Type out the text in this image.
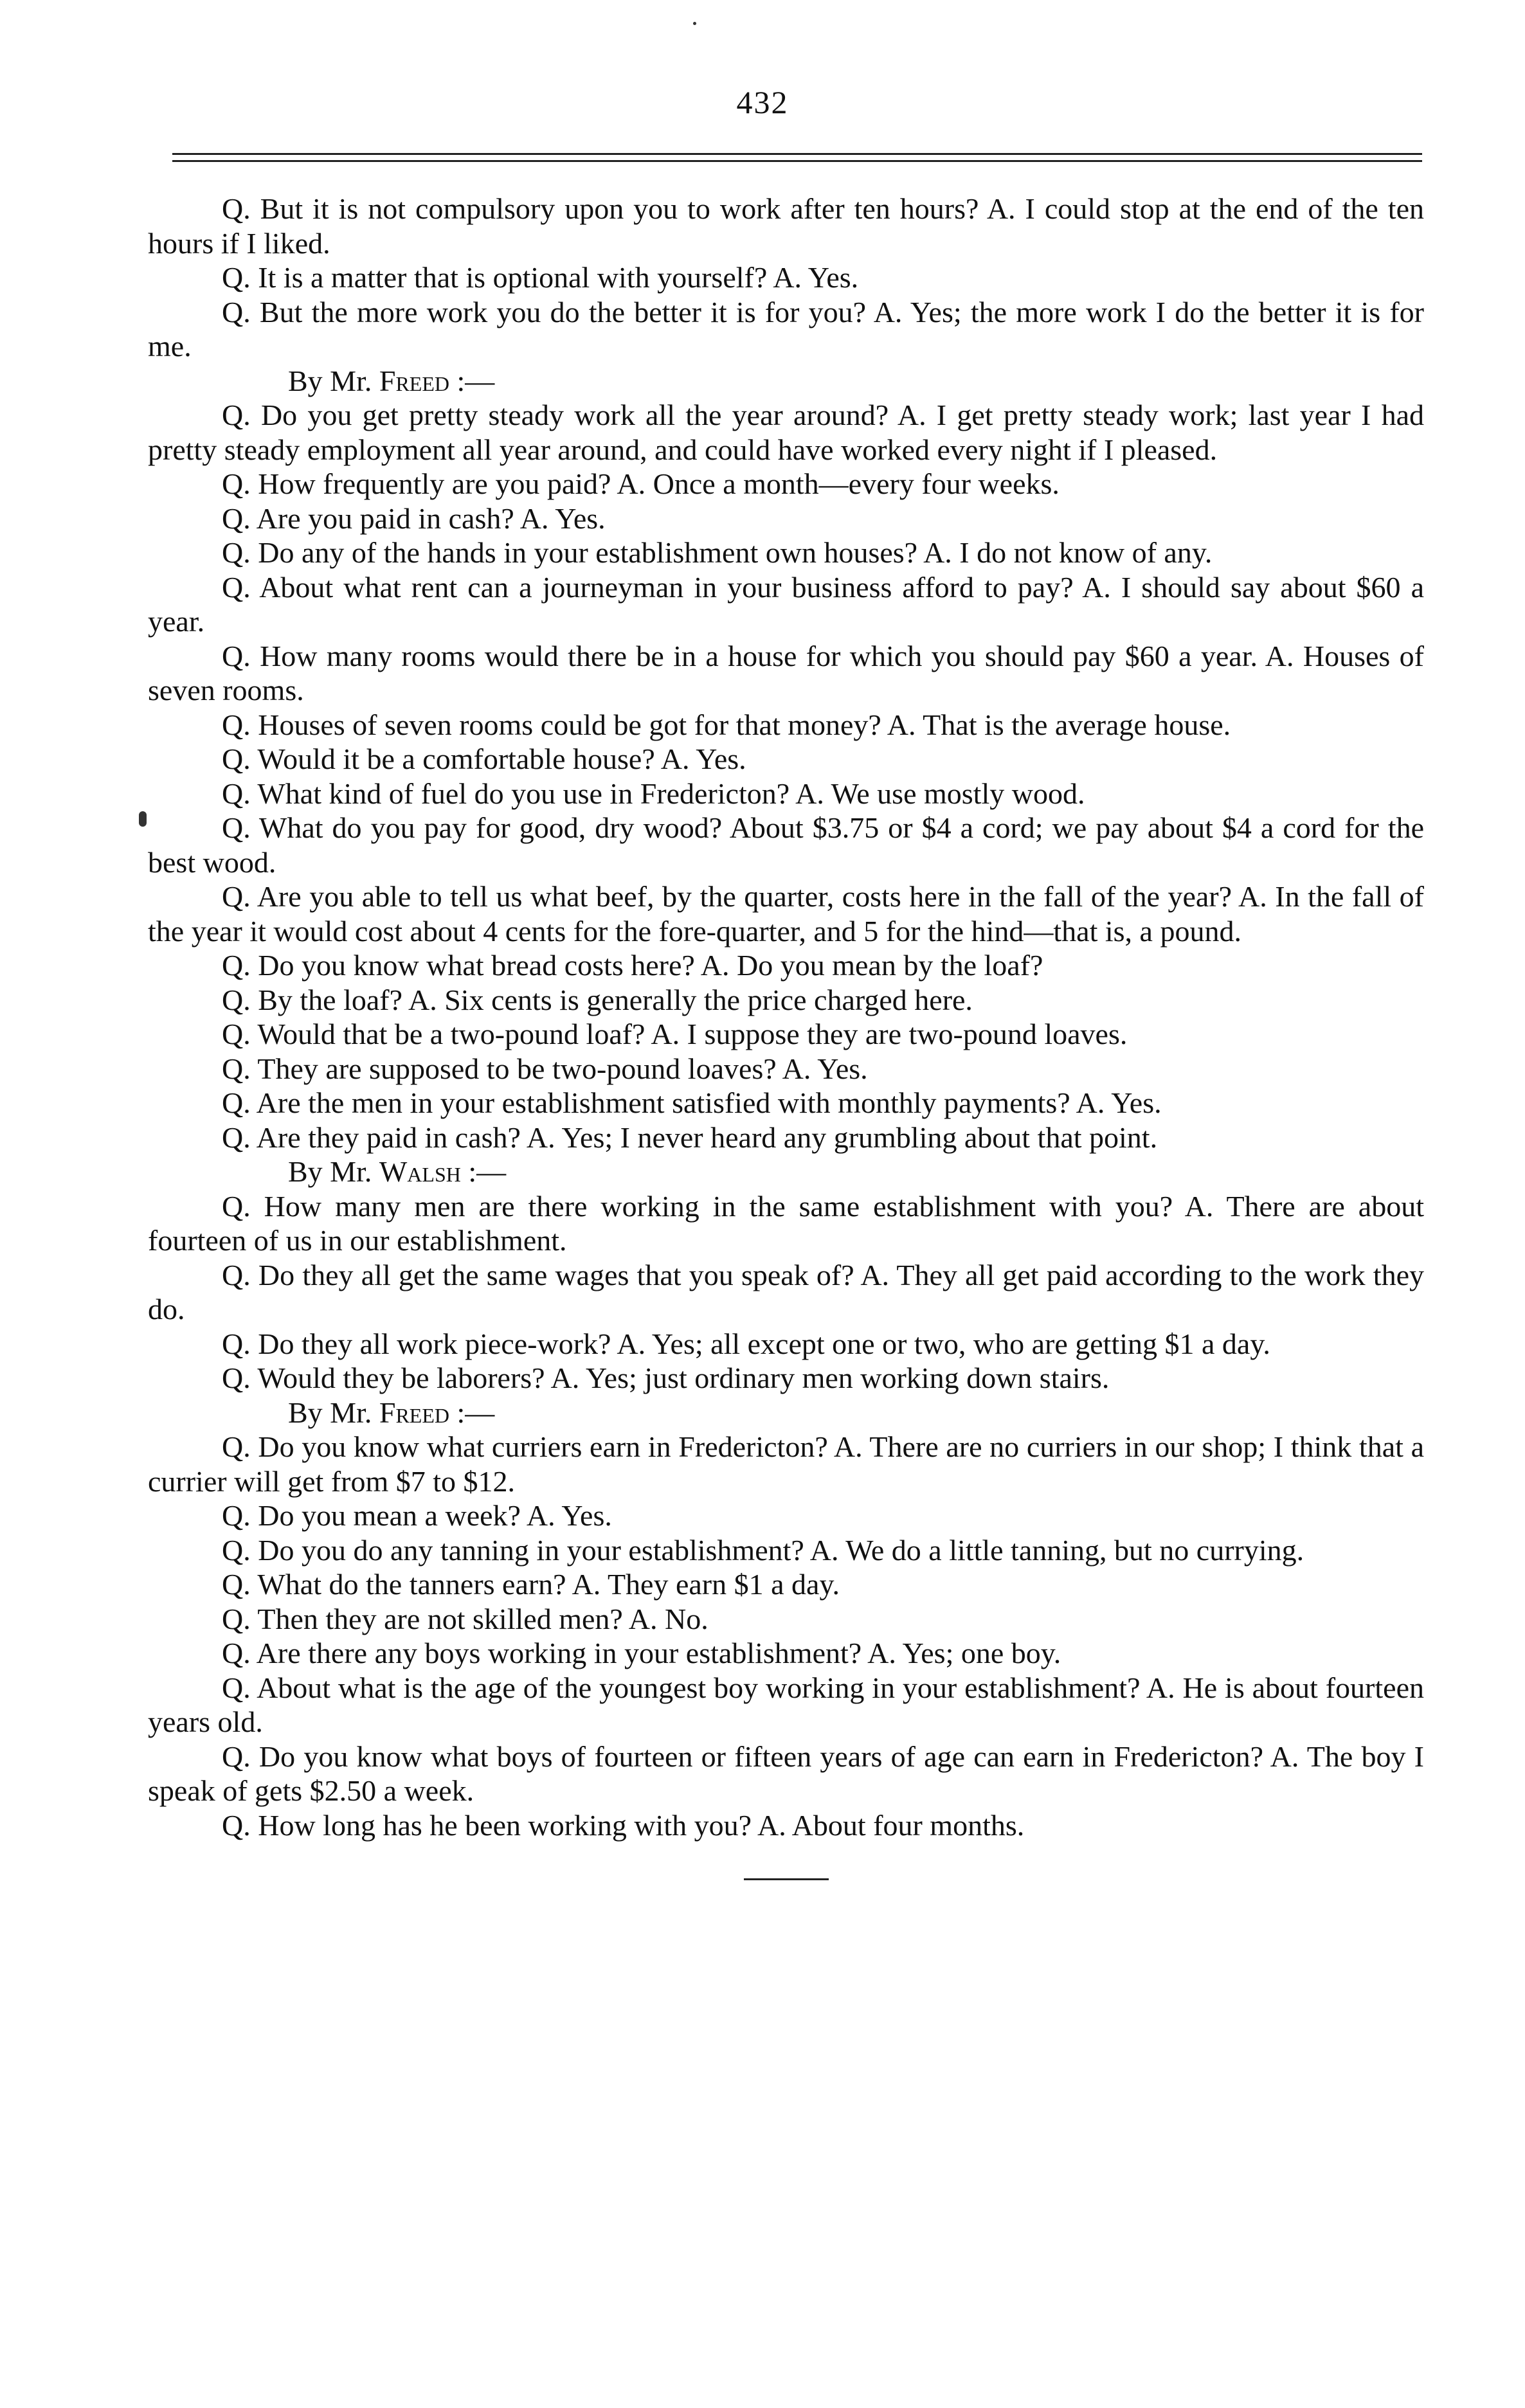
432

Q. But it is not compulsory upon you to work after ten hours? A. I could stop at the end of the ten hours if I liked.

Q. It is a matter that is optional with yourself? A. Yes.

Q. But the more work you do the better it is for you? A. Yes; the more work I do the better it is for me.

By Mr. Freed :—

Q. Do you get pretty steady work all the year around? A. I get pretty steady work; last year I had pretty steady employment all year around, and could have worked every night if I pleased.

Q. How frequently are you paid? A. Once a month—every four weeks.

Q. Are you paid in cash? A. Yes.

Q. Do any of the hands in your establishment own houses? A. I do not know of any.

Q. About what rent can a journeyman in your business afford to pay? A. I should say about $60 a year.

Q. How many rooms would there be in a house for which you should pay $60 a year. A. Houses of seven rooms.

Q. Houses of seven rooms could be got for that money? A. That is the average house.

Q. Would it be a comfortable house? A. Yes.

Q. What kind of fuel do you use in Fredericton? A. We use mostly wood.

Q. What do you pay for good, dry wood? About $3.75 or $4 a cord; we pay about $4 a cord for the best wood.

Q. Are you able to tell us what beef, by the quarter, costs here in the fall of the year? A. In the fall of the year it would cost about 4 cents for the fore-quarter, and 5 for the hind—that is, a pound.

Q. Do you know what bread costs here? A. Do you mean by the loaf?

Q. By the loaf? A. Six cents is generally the price charged here.

Q. Would that be a two-pound loaf? A. I suppose they are two-pound loaves.

Q. They are supposed to be two-pound loaves? A. Yes.

Q. Are the men in your establishment satisfied with monthly payments? A. Yes.

Q. Are they paid in cash? A. Yes; I never heard any grumbling about that point.

By Mr. Walsh :—

Q. How many men are there working in the same establishment with you? A. There are about fourteen of us in our establishment.

Q. Do they all get the same wages that you speak of? A. They all get paid according to the work they do.

Q. Do they all work piece-work? A. Yes; all except one or two, who are getting $1 a day.

Q. Would they be laborers? A. Yes; just ordinary men working down stairs.

By Mr. Freed :—

Q. Do you know what curriers earn in Fredericton? A. There are no curriers in our shop; I think that a currier will get from $7 to $12.

Q. Do you mean a week? A. Yes.

Q. Do you do any tanning in your establishment? A. We do a little tanning, but no currying.

Q. What do the tanners earn? A. They earn $1 a day.

Q. Then they are not skilled men? A. No.

Q. Are there any boys working in your establishment? A. Yes; one boy.

Q. About what is the age of the youngest boy working in your establishment? A. He is about fourteen years old.

Q. Do you know what boys of fourteen or fifteen years of age can earn in Fredericton? A. The boy I speak of gets $2.50 a week.

Q. How long has he been working with you? A. About four months.
